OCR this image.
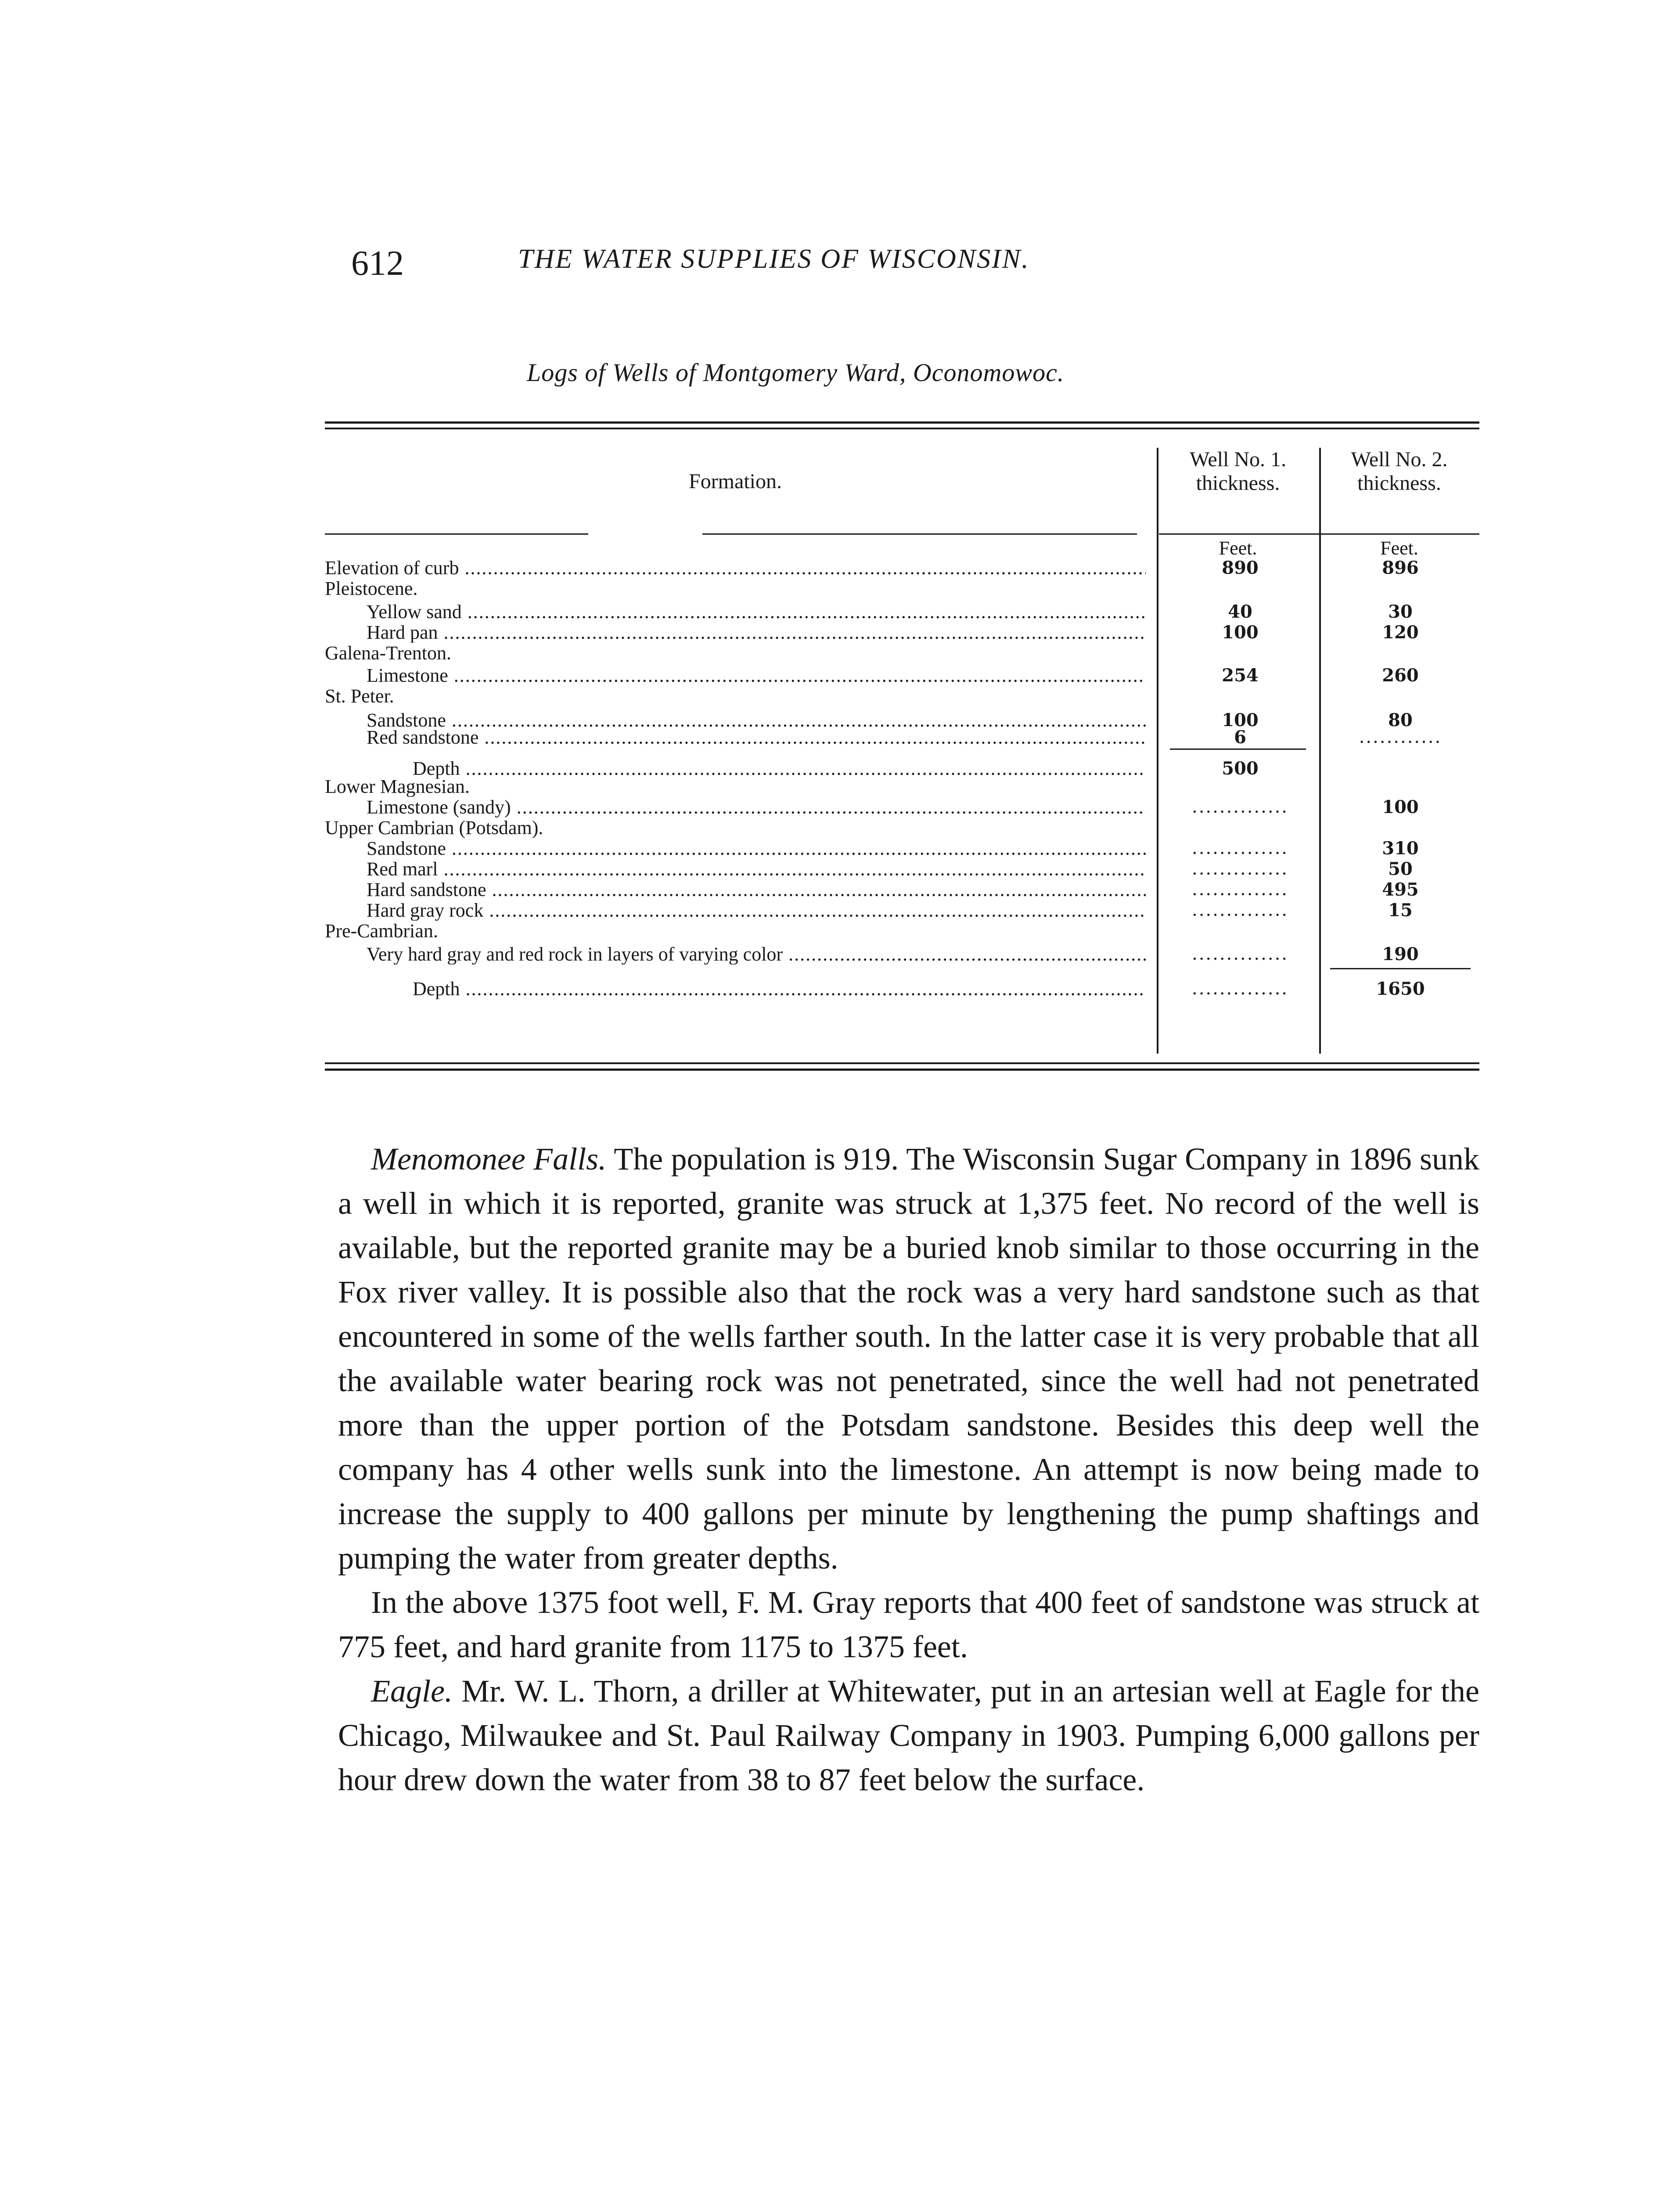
612	THE WATER SUPPLIES OF WISCONSIN.
Logs of Wells of Montgomery Ward, Oconomowoc.
Formation.
Well No. 1.
thickness.
Well No. 2.
thickness.
Feet.	Feet.
Elevation of curb .....	890	896
Pleistocene.
Yellow sand .....	40	30
Hard pan .....	100	120
Galena-Trenton.
Limestone .....	254	260
St. Peter.
Sandstone .....	100	80
Red sandstone .....	6	............
Depth .....	500
Lower Magnesian.
Limestone (sandy) .....	..............	100
Upper Cambrian (Potsdam).
Sandstone .....	..............	310
Red marl .....	..............	50
Hard sandstone .....	..............	495
Hard gray rock .....	..............	15
Pre-Cambrian.
Very hard gray and red rock in layers of varying color .....	..............	190
Depth .....	..............	1650

Menomonee Falls. The population is 919. The Wisconsin Sugar Company in 1896 sunk a well in which it is reported, granite was struck at 1,375 feet. No record of the well is available, but the reported granite may be a buried knob similar to those occurring in the Fox river valley. It is possible also that the rock was a very hard sandstone such as that encountered in some of the wells farther south. In the latter case it is very probable that all the available water bearing rock was not penetrated, since the well had not penetrated more than the upper portion of the Potsdam sandstone. Besides this deep well the company has 4 other wells sunk into the limestone. An attempt is now being made to increase the supply to 400 gallons per minute by lengthening the pump shaftings and pumping the water from greater depths.

In the above 1375 foot well, F. M. Gray reports that 400 feet of sandstone was struck at 775 feet, and hard granite from 1175 to 1375 feet.

Eagle. Mr. W. L. Thorn, a driller at Whitewater, put in an artesian well at Eagle for the Chicago, Milwaukee and St. Paul Railway Company in 1903. Pumping 6,000 gallons per hour drew down the water from 38 to 87 feet below the surface.
